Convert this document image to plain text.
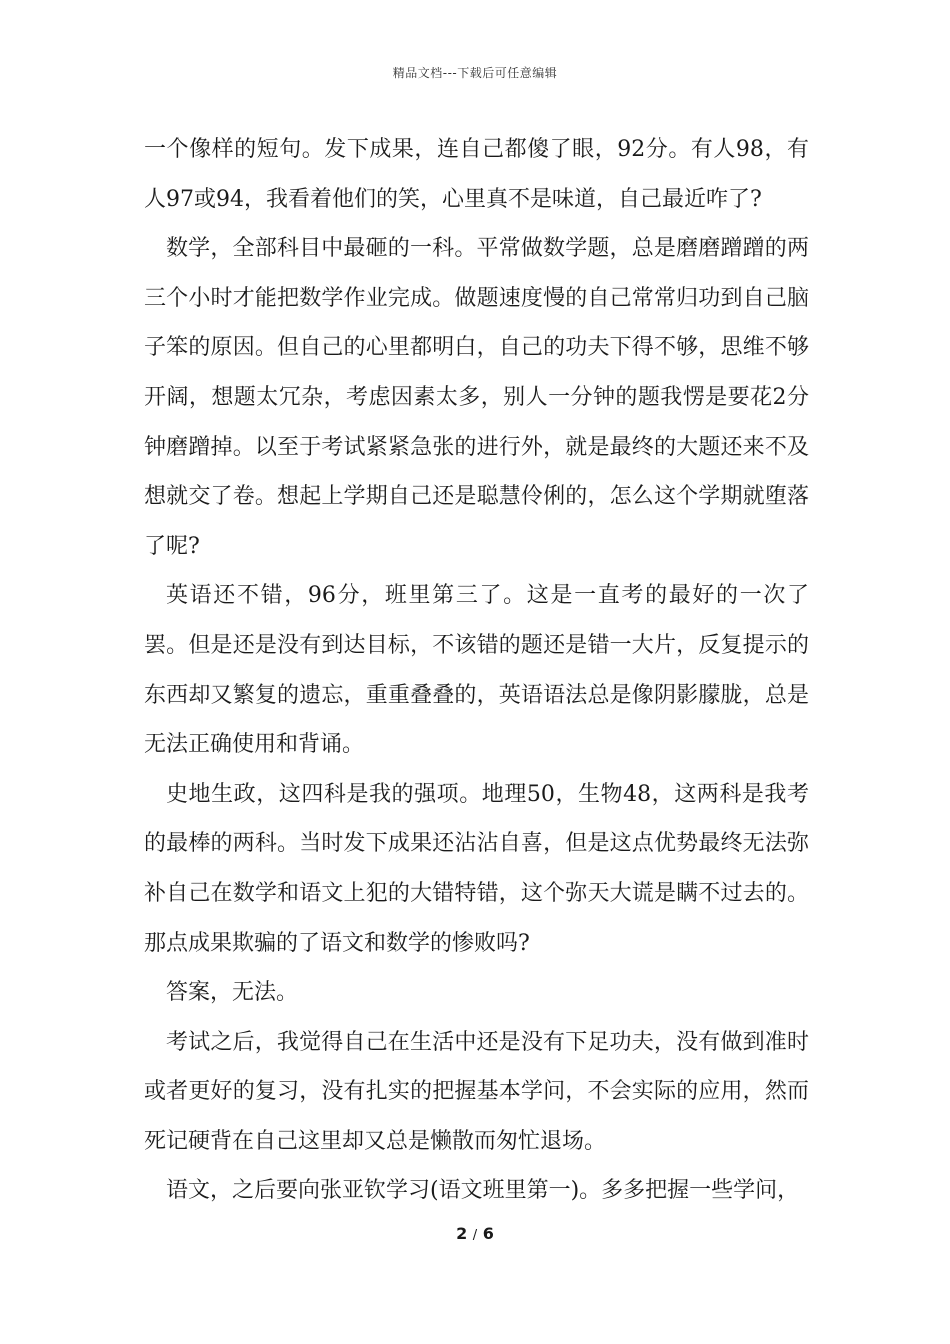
精品文档---下载后可任意编辑

一个像样的短句。发下成果，连自己都傻了眼，92分。有人98，有人97或94，我看着他们的笑，心里真不是味道，自己最近咋了?

数学，全部科目中最砸的一科。平常做数学题，总是磨磨蹭蹭的两三个小时才能把数学作业完成。做题速度慢的自己常常归功到自己脑子笨的原因。但自己的心里都明白，自己的功夫下得不够，思维不够开阔，想题太冗杂，考虑因素太多，别人一分钟的题我愣是要花2分钟磨蹭掉。以至于考试紧紧急张的进行外，就是最终的大题还来不及想就交了卷。想起上学期自己还是聪慧伶俐的，怎么这个学期就堕落了呢?

英语还不错，96分，班里第三了。这是一直考的最好的一次了罢。但是还是没有到达目标，不该错的题还是错一大片，反复提示的东西却又繁复的遗忘，重重叠叠的，英语语法总是像阴影朦胧，总是无法正确使用和背诵。

史地生政，这四科是我的强项。地理50，生物48，这两科是我考的最棒的两科。当时发下成果还沾沾自喜，但是这点优势最终无法弥补自己在数学和语文上犯的大错特错，这个弥天大谎是瞒不过去的。那点成果欺骗的了语文和数学的惨败吗?

答案，无法。

考试之后，我觉得自己在生活中还是没有下足功夫，没有做到准时或者更好的复习，没有扎实的把握基本学问，不会实际的应用，然而死记硬背在自己这里却又总是懒散而匆忙退场。

语文，之后要向张亚钦学习(语文班里第一)。多多把握一些学问，

2 / 6
